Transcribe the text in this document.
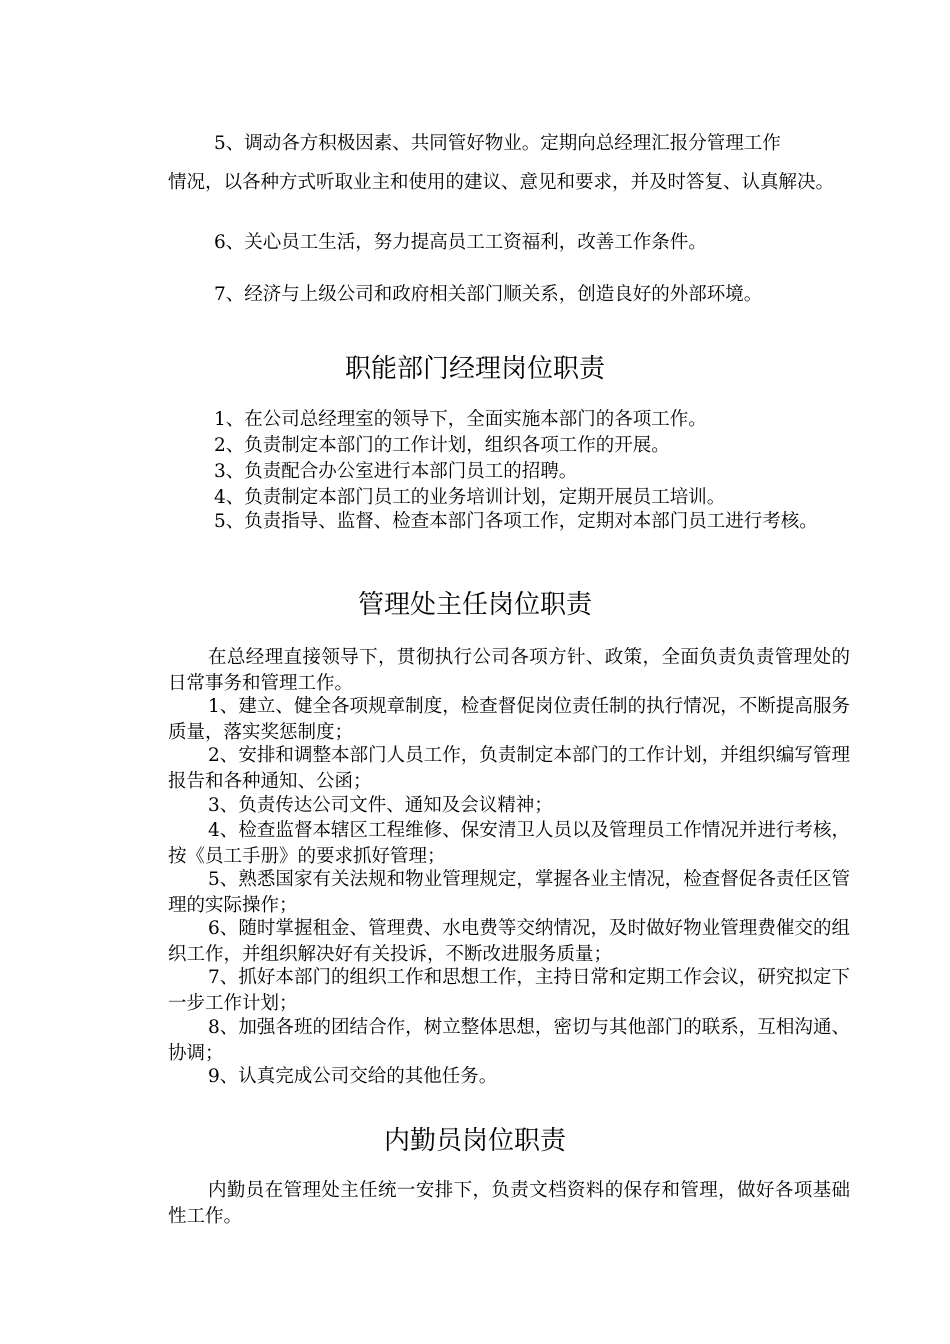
5、调动各方积极因素、共同管好物业。定期向总经理汇报分管理工作
情况，以各种方式听取业主和使用的建议、意见和要求，并及时答复、认真解决。
6、关心员工生活，努力提高员工工资福利，改善工作条件。
7、经济与上级公司和政府相关部门顺关系，创造良好的外部环境。
职能部门经理岗位职责
1、在公司总经理室的领导下，全面实施本部门的各项工作。
2、负责制定本部门的工作计划，组织各项工作的开展。
3、负责配合办公室进行本部门员工的招聘。
4、负责制定本部门员工的业务培训计划，定期开展员工培训。
5、负责指导、监督、检查本部门各项工作，定期对本部门员工进行考核。
管理处主任岗位职责
在总经理直接领导下，贯彻执行公司各项方针、政策，全面负责负责管理处的日常事务和管理工作。
1、建立、健全各项规章制度，检查督促岗位责任制的执行情况，不断提高服务质量，落实奖惩制度；
2、安排和调整本部门人员工作，负责制定本部门的工作计划，并组织编写管理报告和各种通知、公函；
3、负责传达公司文件、通知及会议精神；
4、检查监督本辖区工程维修、保安清卫人员以及管理员工作情况并进行考核，按《员工手册》的要求抓好管理；
5、熟悉国家有关法规和物业管理规定，掌握各业主情况，检查督促各责任区管理的实际操作；
6、随时掌握租金、管理费、水电费等交纳情况，及时做好物业管理费催交的组织工作，并组织解决好有关投诉，不断改进服务质量；
7、抓好本部门的组织工作和思想工作，主持日常和定期工作会议，研究拟定下一步工作计划；
8、加强各班的团结合作，树立整体思想，密切与其他部门的联系，互相沟通、协调；
9、认真完成公司交给的其他任务。
内勤员岗位职责
内勤员在管理处主任统一安排下，负责文档资料的保存和管理，做好各项基础性工作。
